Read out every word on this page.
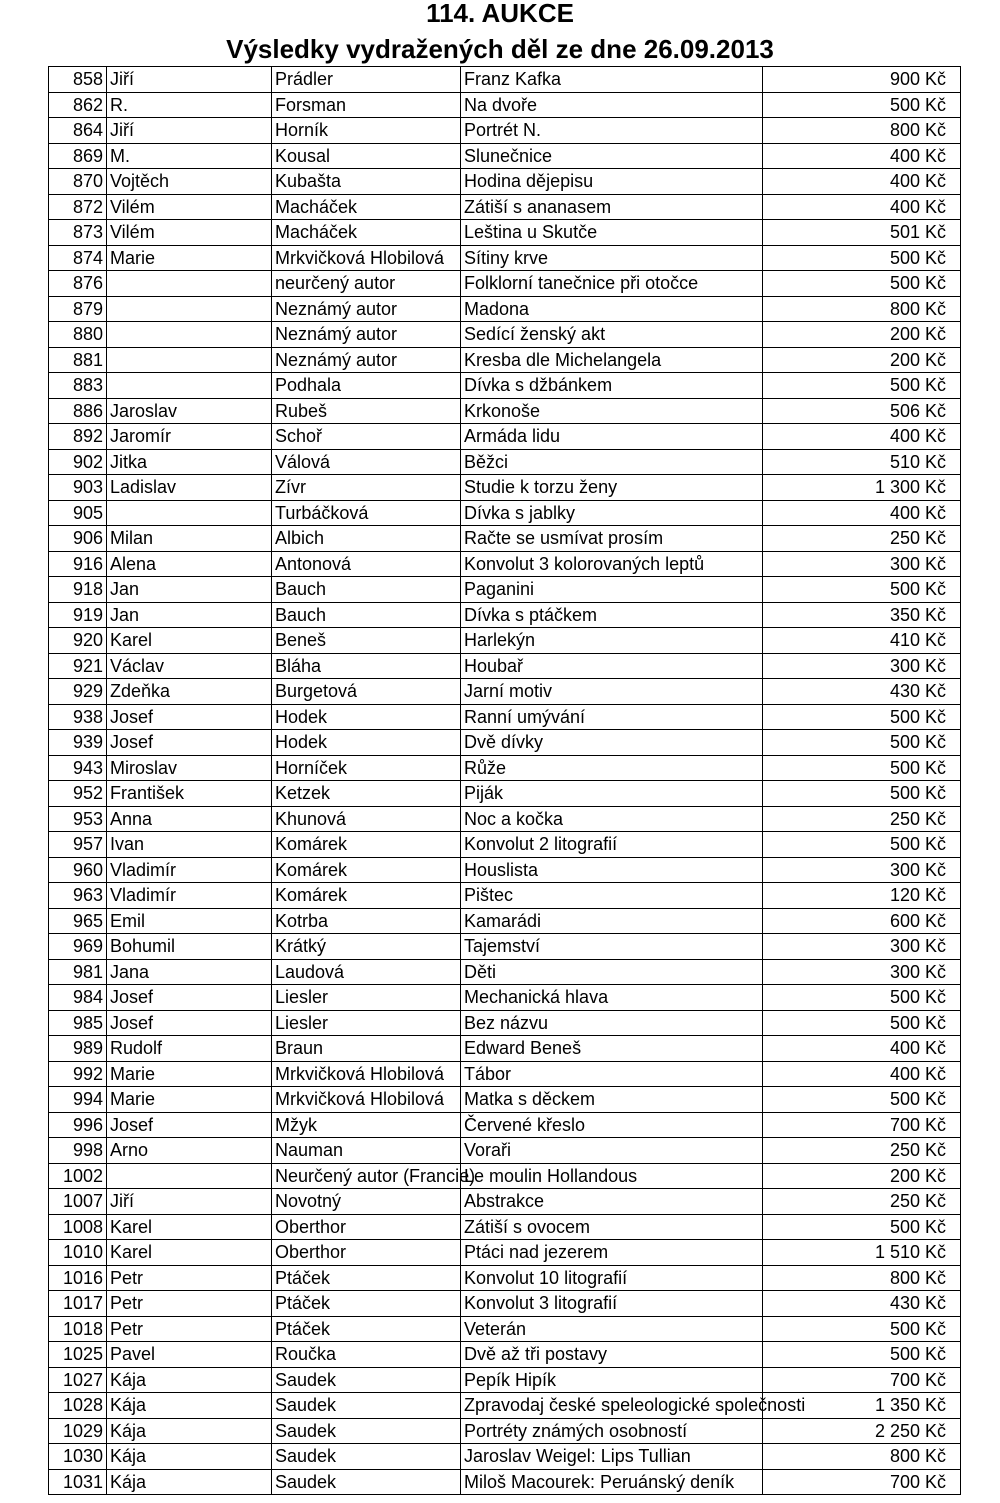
114. AUKCE
Výsledky vydražených děl ze dne 26.09.2013
858	Jiří	Prádler	Franz Kafka	900 Kč
862	R.	Forsman	Na dvoře	500 Kč
864	Jiří	Horník	Portrét N.	800 Kč
869	M.	Kousal	Slunečnice	400 Kč
870	Vojtěch	Kubašta	Hodina dějepisu	400 Kč
872	Vilém	Macháček	Zátiší s ananasem	400 Kč
873	Vilém	Macháček	Leština u Skutče	501 Kč
874	Marie	Mrkvičková Hlobilová	Sítiny krve	500 Kč
876		neurčený autor	Folklorní tanečnice při otočce	500 Kč
879		Neznámý autor	Madona	800 Kč
880		Neznámý autor	Sedící ženský akt	200 Kč
881		Neznámý autor	Kresba dle Michelangela	200 Kč
883		Podhala	Dívka s džbánkem	500 Kč
886	Jaroslav	Rubeš	Krkonoše	506 Kč
892	Jaromír	Schoř	Armáda lidu	400 Kč
902	Jitka	Válová	Běžci	510 Kč
903	Ladislav	Zívr	Studie k torzu ženy	1 300 Kč
905		Turbáčková	Dívka s jablky	400 Kč
906	Milan	Albich	Račte se usmívat prosím	250 Kč
916	Alena	Antonová	Konvolut 3 kolorovaných leptů	300 Kč
918	Jan	Bauch	Paganini	500 Kč
919	Jan	Bauch	Dívka s ptáčkem	350 Kč
920	Karel	Beneš	Harlekýn	410 Kč
921	Václav	Bláha	Houbař	300 Kč
929	Zdeňka	Burgetová	Jarní motiv	430 Kč
938	Josef	Hodek	Ranní umývání	500 Kč
939	Josef	Hodek	Dvě dívky	500 Kč
943	Miroslav	Horníček	Růže	500 Kč
952	František	Ketzek	Piják	500 Kč
953	Anna	Khunová	Noc a kočka	250 Kč
957	Ivan	Komárek	Konvolut 2 litografií	500 Kč
960	Vladimír	Komárek	Houslista	300 Kč
963	Vladimír	Komárek	Pištec	120 Kč
965	Emil	Kotrba	Kamarádi	600 Kč
969	Bohumil	Krátký	Tajemství	300 Kč
981	Jana	Laudová	Děti	300 Kč
984	Josef	Liesler	Mechanická hlava	500 Kč
985	Josef	Liesler	Bez názvu	500 Kč
989	Rudolf	Braun	Edward Beneš	400 Kč
992	Marie	Mrkvičková Hlobilová	Tábor	400 Kč
994	Marie	Mrkvičková Hlobilová	Matka s děckem	500 Kč
996	Josef	Mžyk	Červené křeslo	700 Kč
998	Arno	Nauman	Voraři	250 Kč
1002		Neurčený autor (Francie)	Le moulin Hollandous	200 Kč
1007	Jiří	Novotný	Abstrakce	250 Kč
1008	Karel	Oberthor	Zátiší s ovocem	500 Kč
1010	Karel	Oberthor	Ptáci nad jezerem	1 510 Kč
1016	Petr	Ptáček	Konvolut 10 litografií	800 Kč
1017	Petr	Ptáček	Konvolut 3 litografií	430 Kč
1018	Petr	Ptáček	Veterán	500 Kč
1025	Pavel	Roučka	Dvě až tři postavy	500 Kč
1027	Kája	Saudek	Pepík Hipík	700 Kč
1028	Kája	Saudek	Zpravodaj české speleologické společnosti	1 350 Kč
1029	Kája	Saudek	Portréty známých osobností	2 250 Kč
1030	Kája	Saudek	Jaroslav Weigel: Lips Tullian	800 Kč
1031	Kája	Saudek	Miloš Macourek: Peruánský deník	700 Kč
